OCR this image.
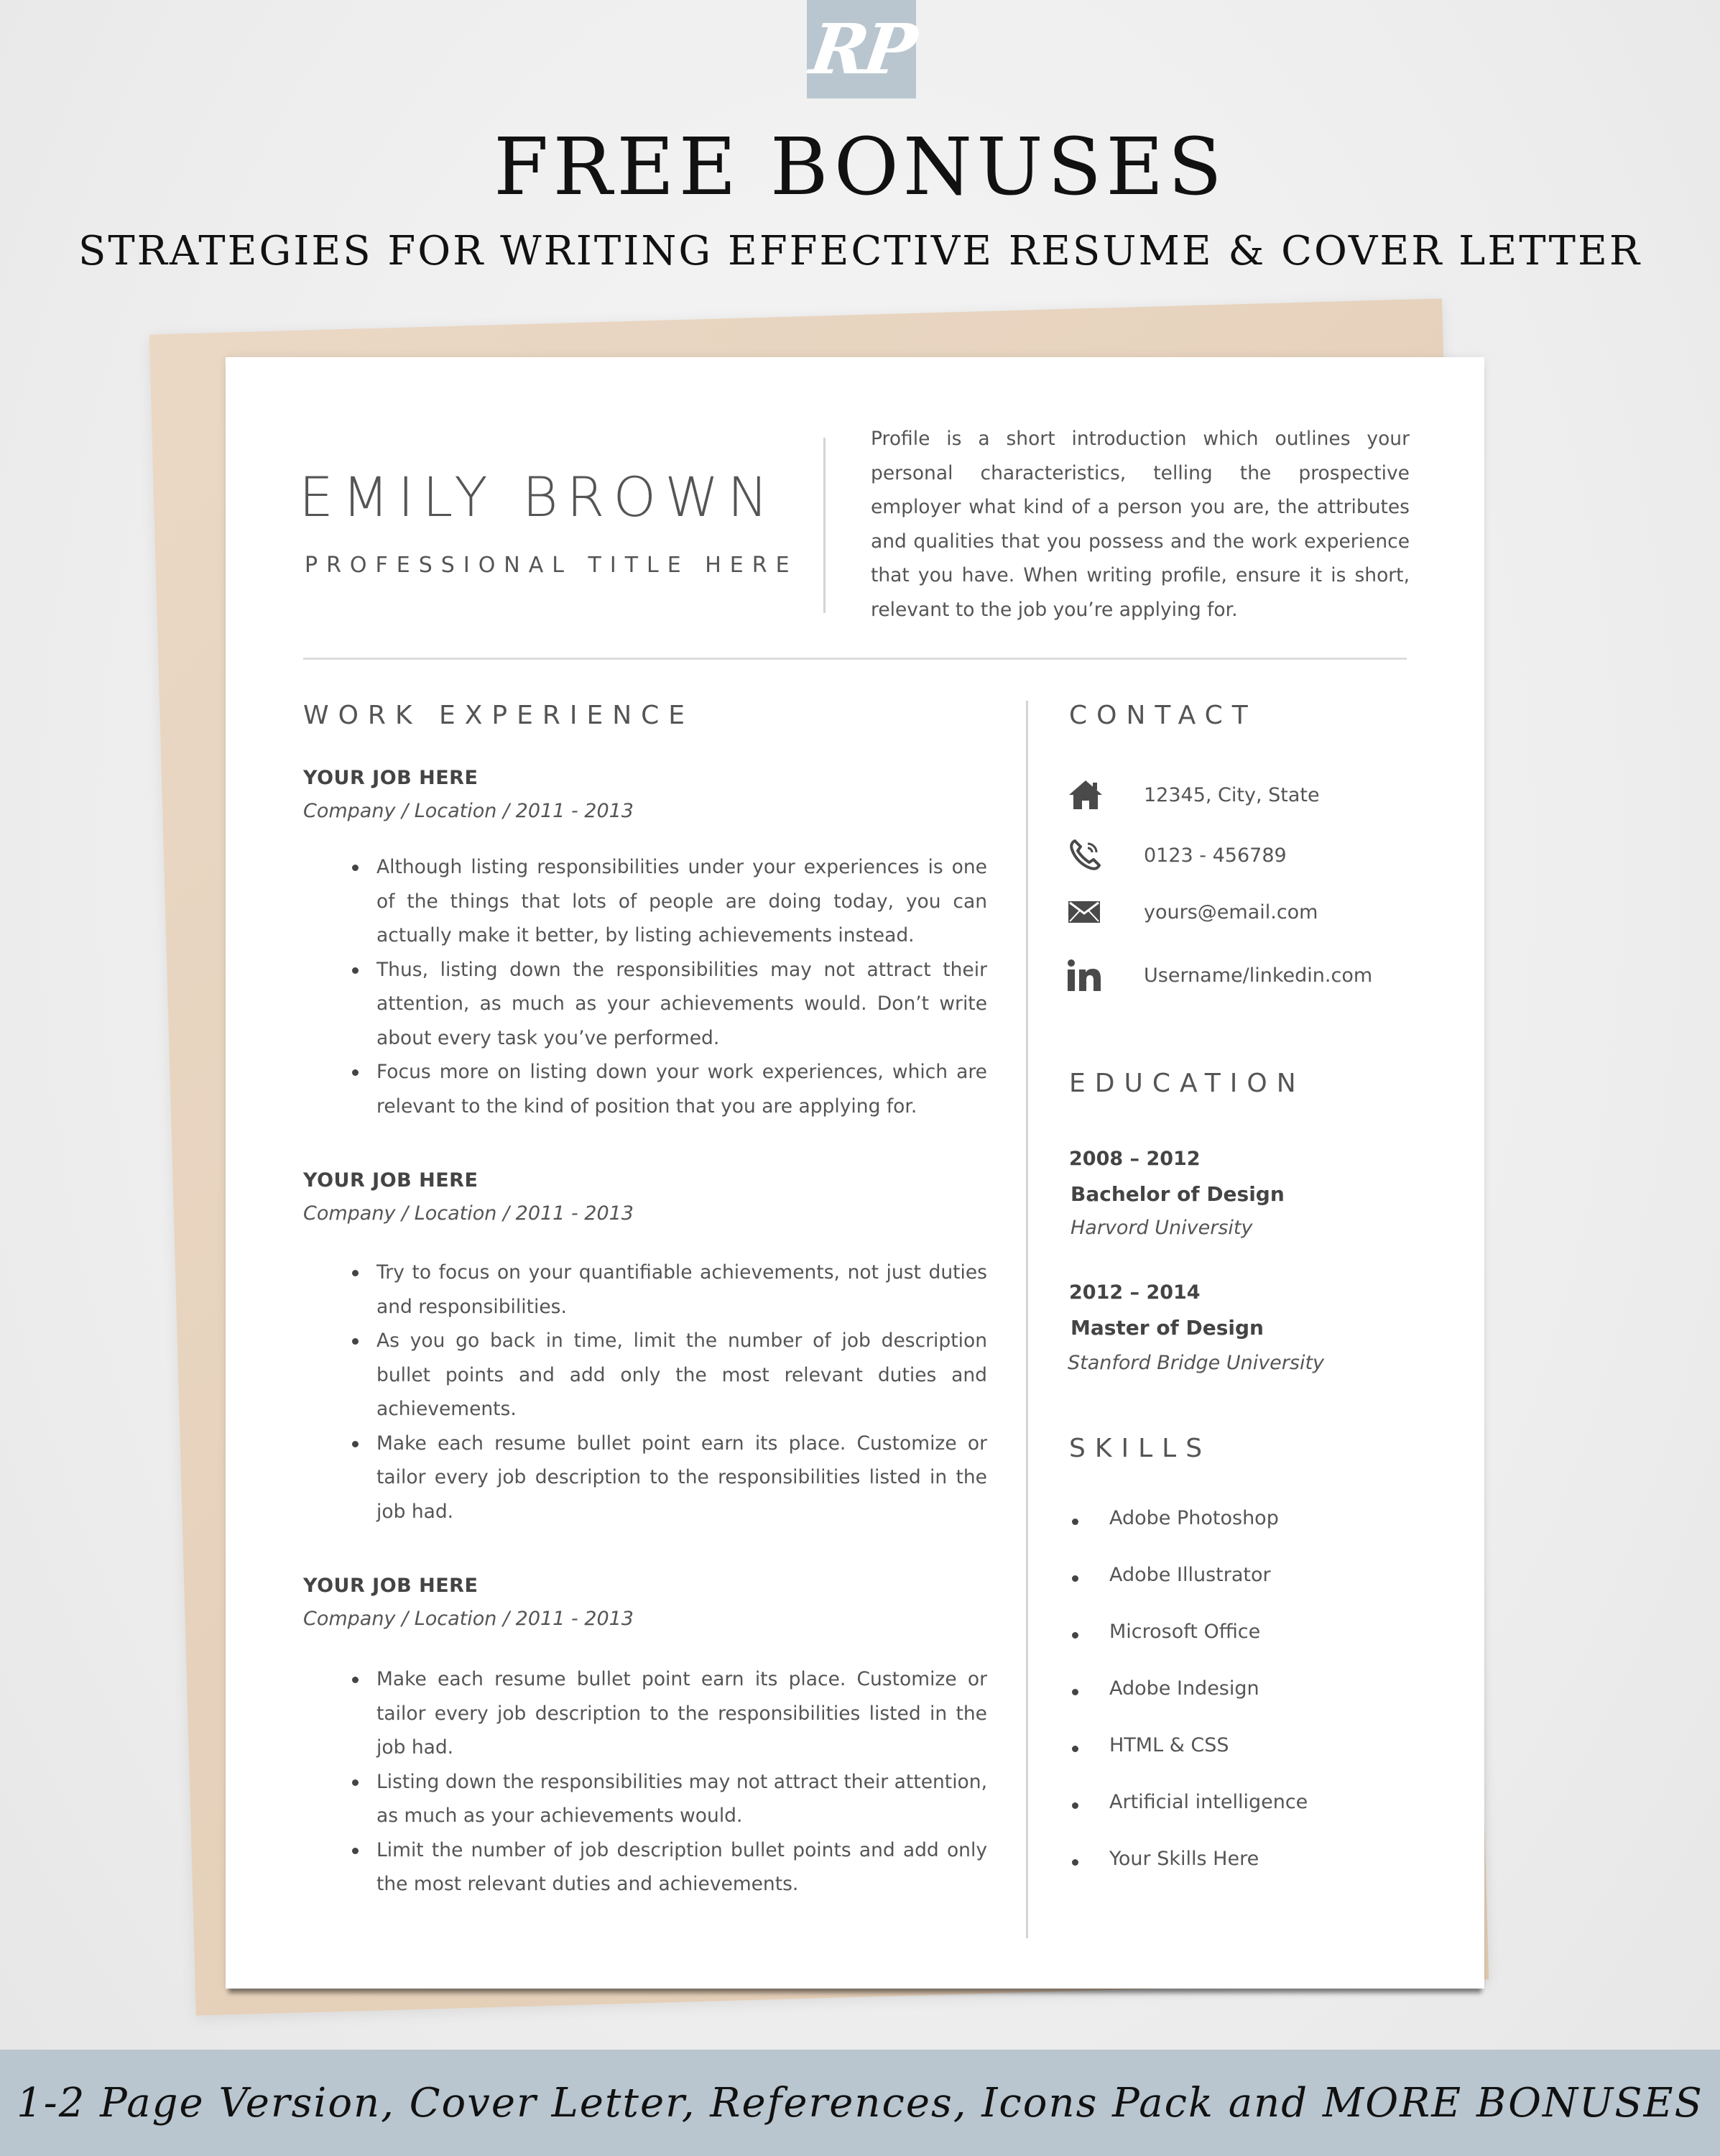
RP
FREE BONUSES
STRATEGIES FOR WRITING EFFECTIVE RESUME & COVER LETTER
EMILY BROWN
PROFESSIONAL TITLE HERE
Profile is a short introduction which outlines your personal characteristics, telling the prospective employer what kind of a person you are, the attributes and qualities that you possess and the work experience that you have. When writing profile, ensure it is short, relevant to the job you’re applying for.
WORK EXPERIENCE
YOUR JOB HERE
Company / Location / 2011 - 2013
Although listing responsibilities under your experiences is one of the things that lots of people are doing today, you can actually make it better, by listing achievements instead.
Thus, listing down the responsibilities may not attract their attention, as much as your achievements would. Don’t write about every task you’ve performed.
Focus more on listing down your work experiences, which are relevant to the kind of position that you are applying for.
YOUR JOB HERE
Company / Location / 2011 - 2013
Try to focus on your quantifiable achievements, not just duties and responsibilities.
As you go back in time, limit the number of job description bullet points and add only the most relevant duties and achievements.
Make each resume bullet point earn its place. Customize or tailor every job description to the responsibilities listed in the job had.
YOUR JOB HERE
Company / Location / 2011 - 2013
Make each resume bullet point earn its place. Customize or tailor every job description to the responsibilities listed in the job had.
Listing down the responsibilities may not attract their attention, as much as your achievements would.
Limit the number of job description bullet points and add only the most relevant duties and achievements.
CONTACT
12345, City, State
0123 - 456789
yours@email.com
Username/linkedin.com
EDUCATION
2008 – 2012
Bachelor of Design
Harvord University
2012 – 2014
Master of Design
Stanford Bridge University
SKILLS
Adobe Photoshop
Adobe Illustrator
Microsoft Office
Adobe Indesign
HTML & CSS
Artificial intelligence
Your Skills Here
1-2 Page Version, Cover Letter, References, Icons Pack and MORE BONUSES
